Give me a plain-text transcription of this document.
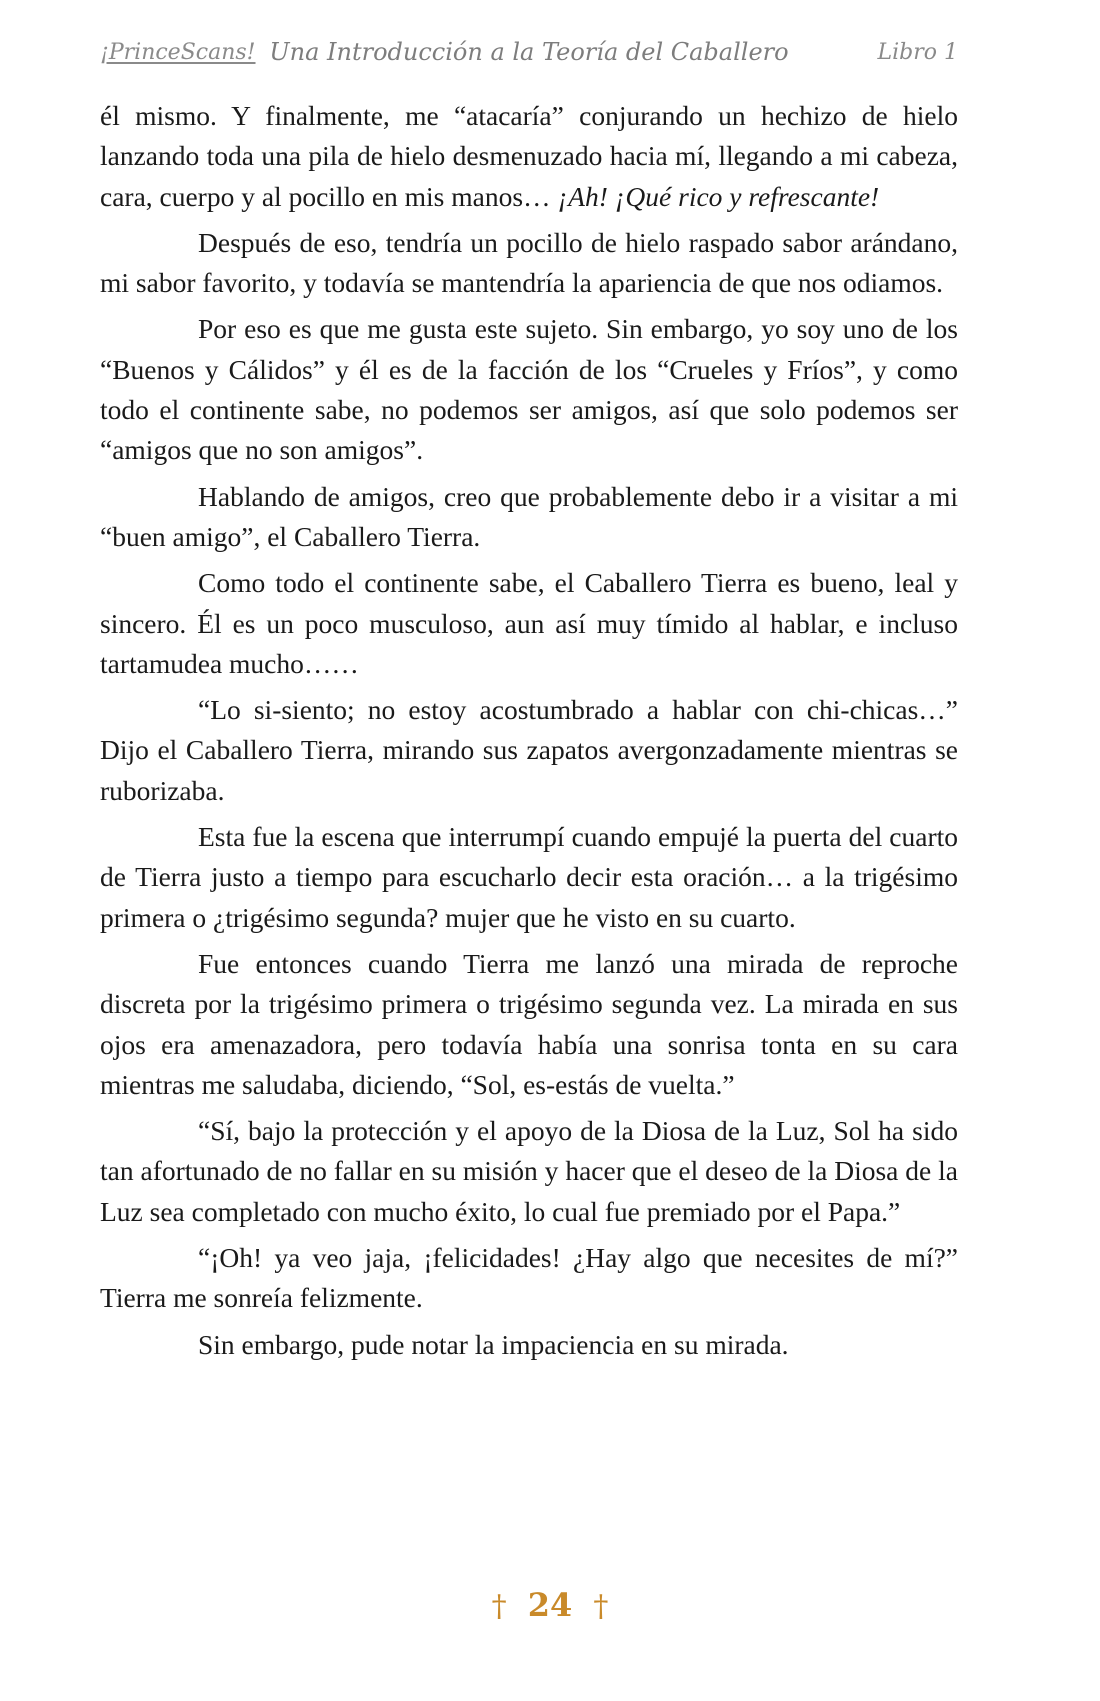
¡PrinceScans! Una Introducción a la Teoría del Caballero	Libro 1

él mismo. Y finalmente, me “atacaría” conjurando un hechizo de hielo lanzando toda una pila de hielo desmenuzado hacia mí, llegando a mi cabeza, cara, cuerpo y al pocillo en mis manos… ¡Ah! ¡Qué rico y refrescante!

Después de eso, tendría un pocillo de hielo raspado sabor arándano, mi sabor favorito, y todavía se mantendría la apariencia de que nos odiamos.

Por eso es que me gusta este sujeto. Sin embargo, yo soy uno de los “Buenos y Cálidos” y él es de la facción de los “Crueles y Fríos”, y como todo el continente sabe, no podemos ser amigos, así que solo podemos ser “amigos que no son amigos”.

Hablando de amigos, creo que probablemente debo ir a visitar a mi “buen amigo”, el Caballero Tierra.

Como todo el continente sabe, el Caballero Tierra es bueno, leal y sincero. Él es un poco musculoso, aun así muy tímido al hablar, e incluso tartamudea mucho……

“Lo si-siento; no estoy acostumbrado a hablar con chi-chicas…” Dijo el Caballero Tierra, mirando sus zapatos avergonzadamente mientras se ruborizaba.

Esta fue la escena que interrumpí cuando empujé la puerta del cuarto de Tierra justo a tiempo para escucharlo decir esta oración… a la trigésimo primera o ¿trigésimo segunda? mujer que he visto en su cuarto.

Fue entonces cuando Tierra me lanzó una mirada de reproche discreta por la trigésimo primera o trigésimo segunda vez. La mirada en sus ojos era amenazadora, pero todavía había una sonrisa tonta en su cara mientras me saludaba, diciendo, “Sol, es-estás de vuelta.”

“Sí, bajo la protección y el apoyo de la Diosa de la Luz, Sol ha sido tan afortunado de no fallar en su misión y hacer que el deseo de la Diosa de la Luz sea completado con mucho éxito, lo cual fue premiado por el Papa.”

“¡Oh! ya veo jaja, ¡felicidades! ¿Hay algo que necesites de mí?” Tierra me sonreía felizmente.

Sin embargo, pude notar la impaciencia en su mirada.

† 24 †
